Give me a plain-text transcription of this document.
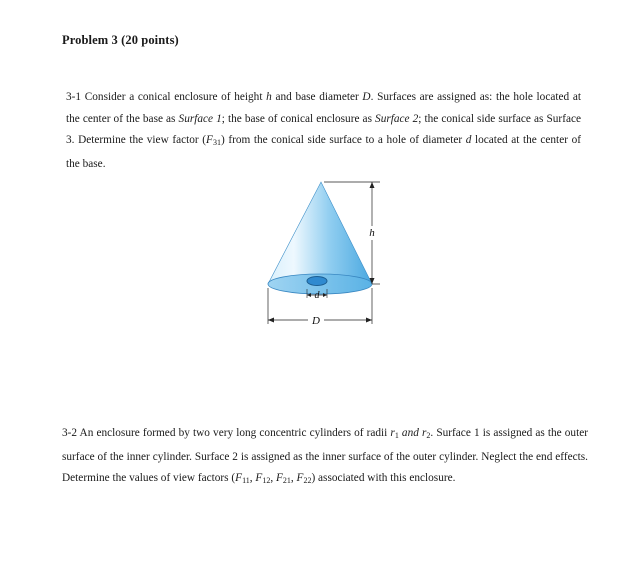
Problem 3 (20 points)
3-1 Consider a conical enclosure of height h and base diameter D. Surfaces are assigned as: the hole located at the center of the base as Surface 1; the base of conical enclosure as Surface 2; the conical side surface as Surface 3. Determine the view factor $(F_{31})$ from the conical side surface to a hole of diameter d located at the center of the base.
d
D
h
3-2 An enclosure formed by two very long concentric cylinders of radii $r_1$ and $r_2$. Surface 1 is assigned as the outer surface of the inner cylinder. Surface 2 is assigned as the inner surface of the outer cylinder. Neglect the end effects. Determine the values of view factors ($F_{11}$, $F_{12}$, $F_{21}$, $F_{22}$) associated with this enclosure.
